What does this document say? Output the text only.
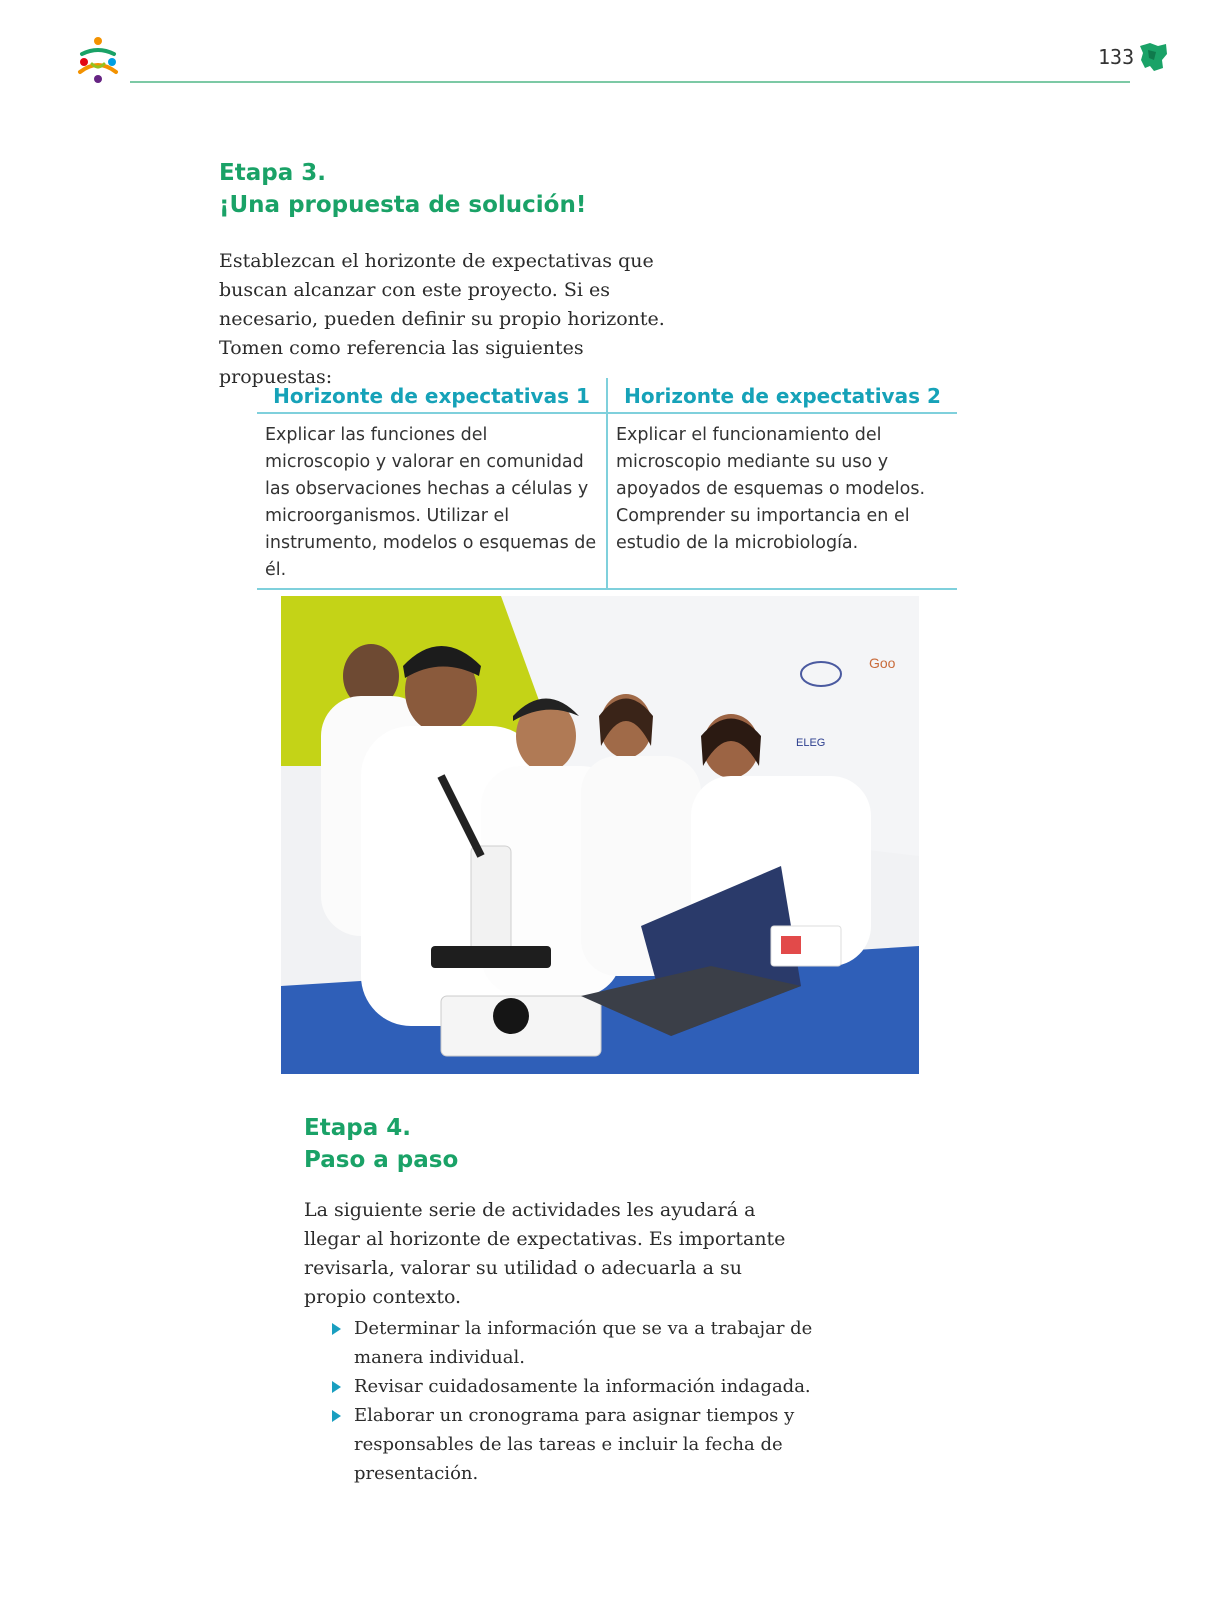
133
Etapa 3.
¡Una propuesta de solución!

Establezcan el horizonte de expectativas que buscan alcanzar con este proyecto. Si es necesario, pueden definir su propio horizonte. Tomen como referencia las siguientes propuestas:

Horizonte de expectativas 1	Horizonte de expectativas 2
Explicar las funciones del microscopio y valorar en comunidad las observaciones hechas a células y microorganismos. Utilizar el instrumento, modelos o esquemas de él.	Explicar el funcionamiento del microscopio mediante su uso y apoyados de esquemas o modelos. Comprender su importancia en el estudio de la microbiología.
Goo
ELEG
Etapa 4.
Paso a paso

La siguiente serie de actividades les ayudará a llegar al horizonte de expectativas. Es importante revisarla, valorar su utilidad o adecuarla a su propio contexto.

Determinar la información que se va a trabajar de manera individual.
Revisar cuidadosamente la información indagada.
Elaborar un cronograma para asignar tiempos y responsables de las tareas e incluir la fecha de presentación.
